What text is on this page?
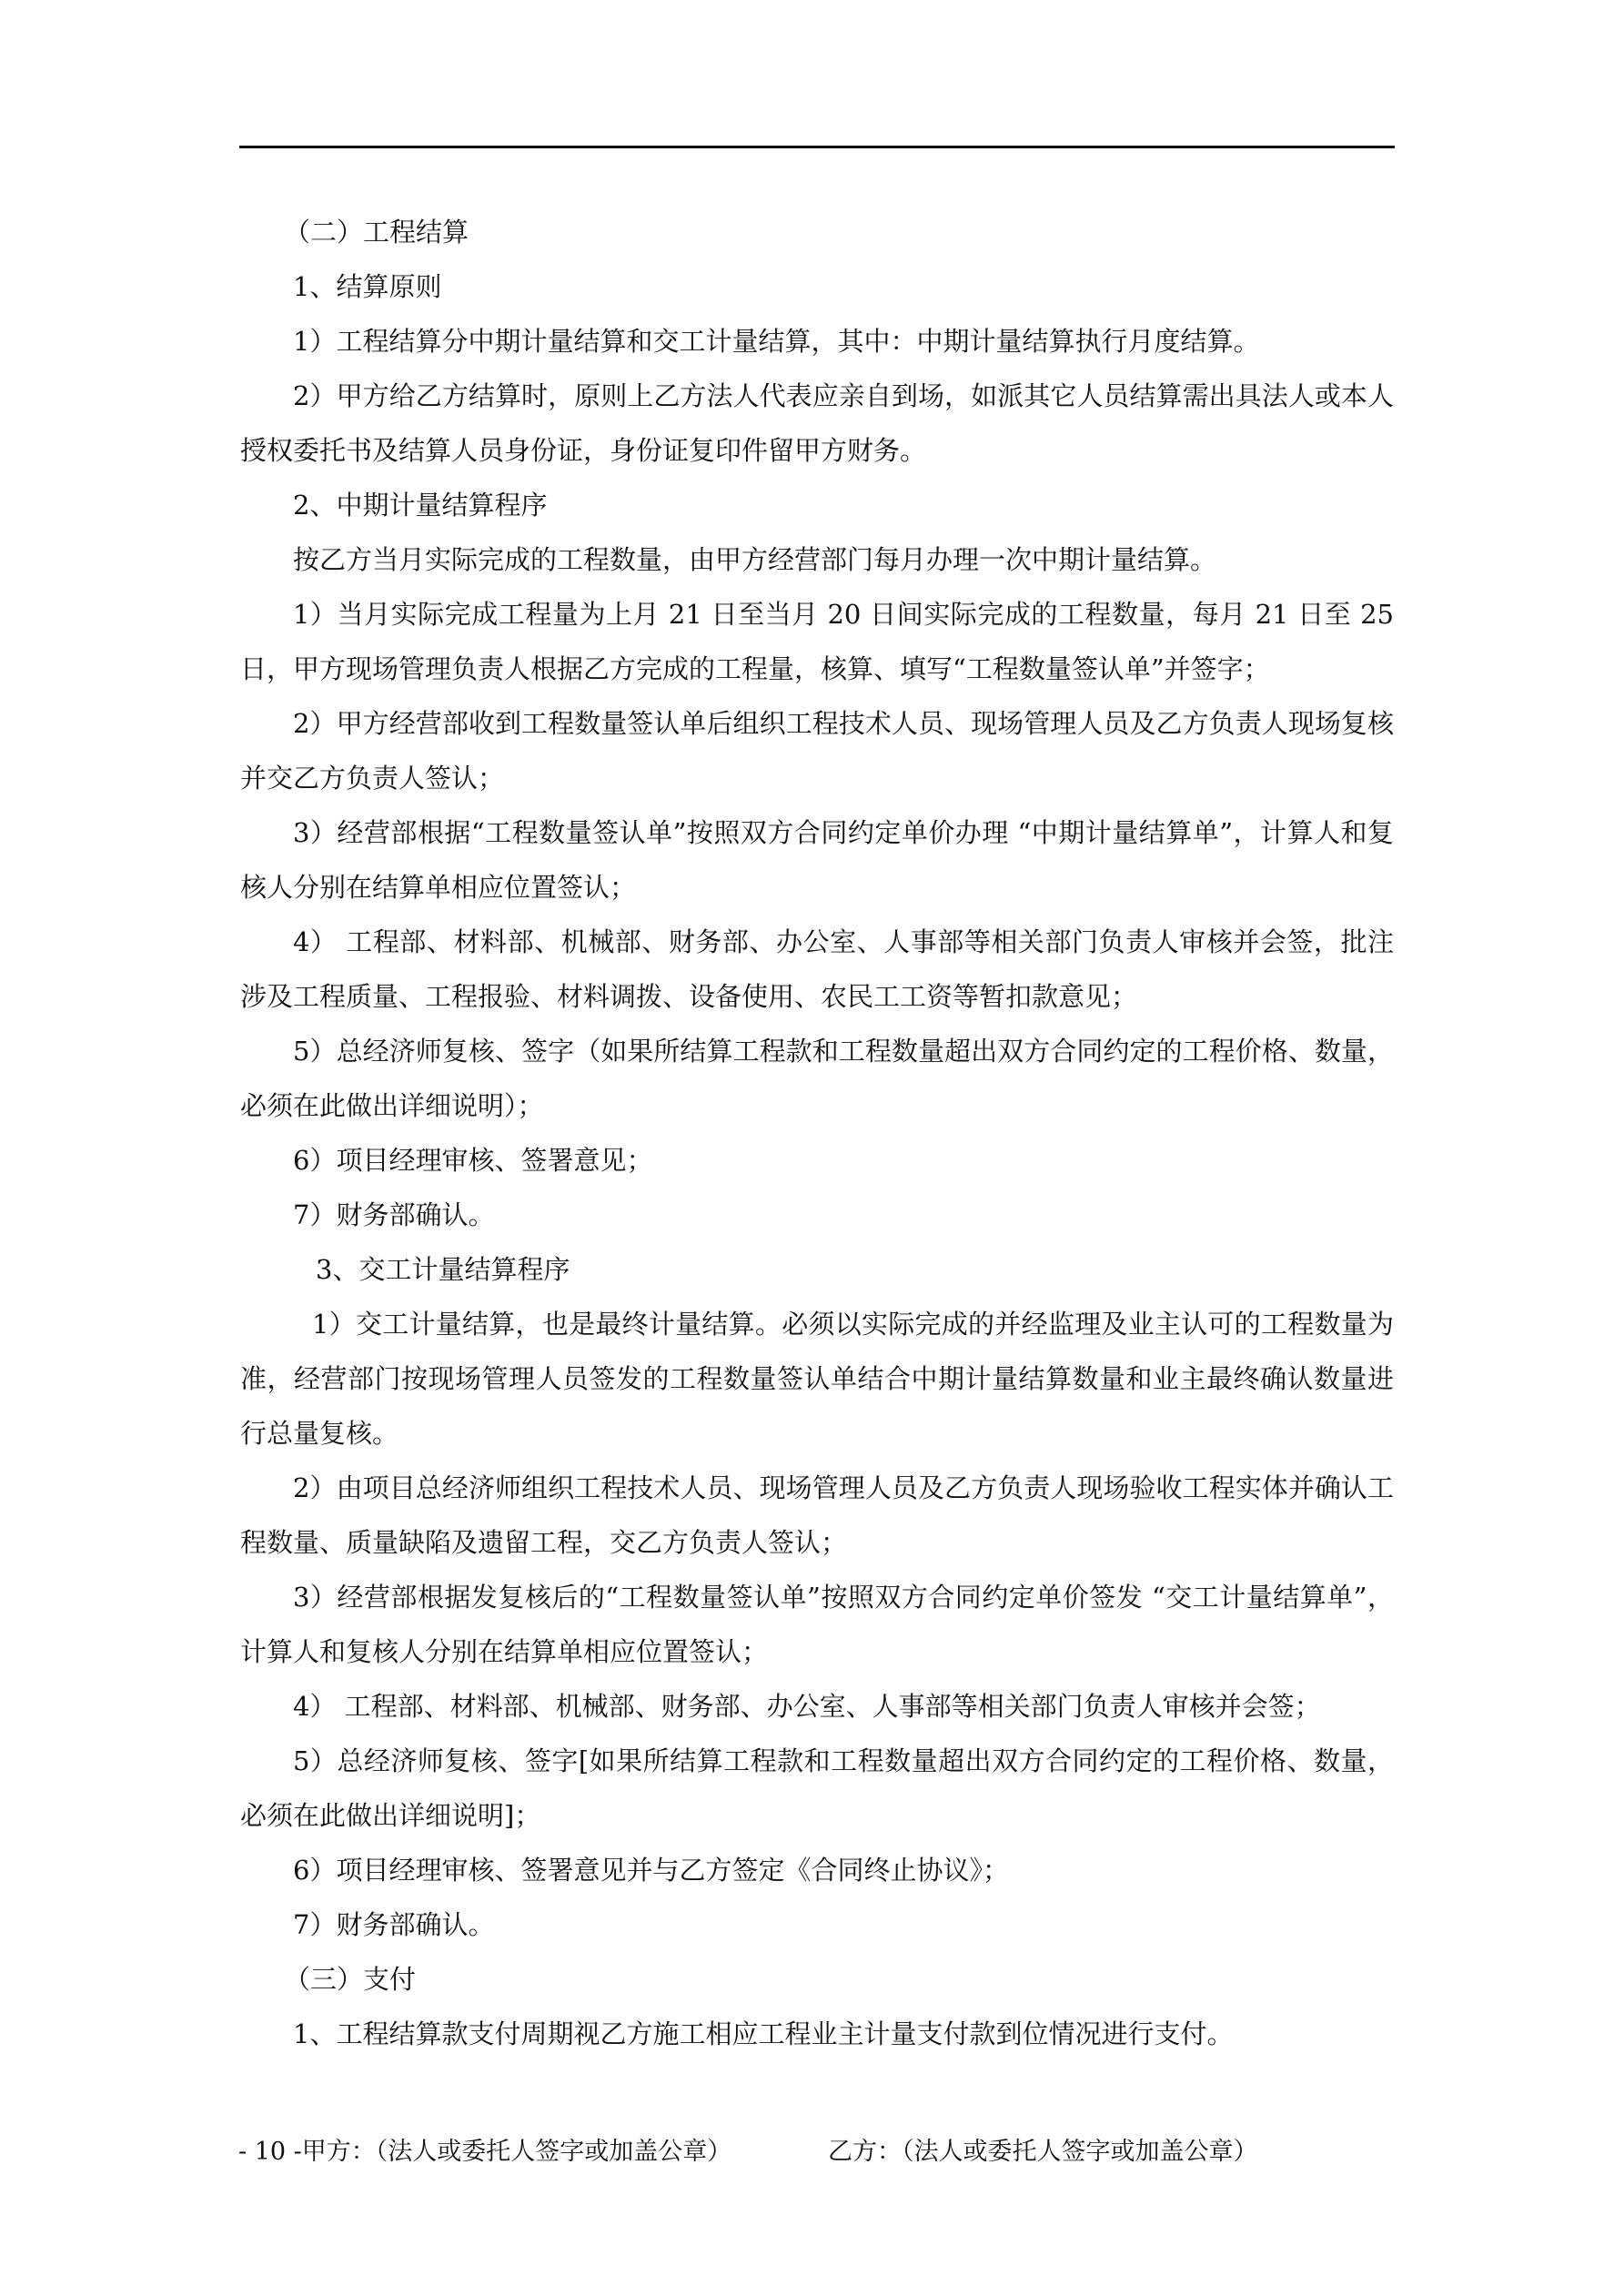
（二）工程结算

1、结算原则

1）工程结算分中期计量结算和交工计量结算，其中：中期计量结算执行月度结算。

2）甲方给乙方结算时，原则上乙方法人代表应亲自到场，如派其它人员结算需出具法人或本人授权委托书及结算人员身份证，身份证复印件留甲方财务。

2、中期计量结算程序

按乙方当月实际完成的工程数量，由甲方经营部门每月办理一次中期计量结算。

1）当月实际完成工程量为上月 21 日至当月 20 日间实际完成的工程数量，每月 21 日至 25 日，甲方现场管理负责人根据乙方完成的工程量，核算、填写“工程数量签认单”并签字；

2）甲方经营部收到工程数量签认单后组织工程技术人员、现场管理人员及乙方负责人现场复核并交乙方负责人签认；

3）经营部根据“工程数量签认单”按照双方合同约定单价办理 “中期计量结算单”，计算人和复核人分别在结算单相应位置签认；

4） 工程部、材料部、机械部、财务部、办公室、人事部等相关部门负责人审核并会签，批注涉及工程质量、工程报验、材料调拨、设备使用、农民工工资等暂扣款意见；

5）总经济师复核、签字（如果所结算工程款和工程数量超出双方合同约定的工程价格、数量，必须在此做出详细说明）；

6）项目经理审核、签署意见；

7）财务部确认。

3、交工计量结算程序

1）交工计量结算，也是最终计量结算。必须以实际完成的并经监理及业主认可的工程数量为准，经营部门按现场管理人员签发的工程数量签认单结合中期计量结算数量和业主最终确认数量进行总量复核。

2）由项目总经济师组织工程技术人员、现场管理人员及乙方负责人现场验收工程实体并确认工程数量、质量缺陷及遗留工程，交乙方负责人签认；

3）经营部根据发复核后的“工程数量签认单”按照双方合同约定单价签发 “交工计量结算单”，计算人和复核人分别在结算单相应位置签认；

4） 工程部、材料部、机械部、财务部、办公室、人事部等相关部门负责人审核并会签；

5）总经济师复核、签字[如果所结算工程款和工程数量超出双方合同约定的工程价格、数量，必须在此做出详细说明]；

6）项目经理审核、签署意见并与乙方签定《合同终止协议》；

7）财务部确认。

（三）支付

1、工程结算款支付周期视乙方施工相应工程业主计量支付款到位情况进行支付。

- 10 -甲方：（法人或委托人签字或加盖公章）	乙方：（法人或委托人签字或加盖公章）
